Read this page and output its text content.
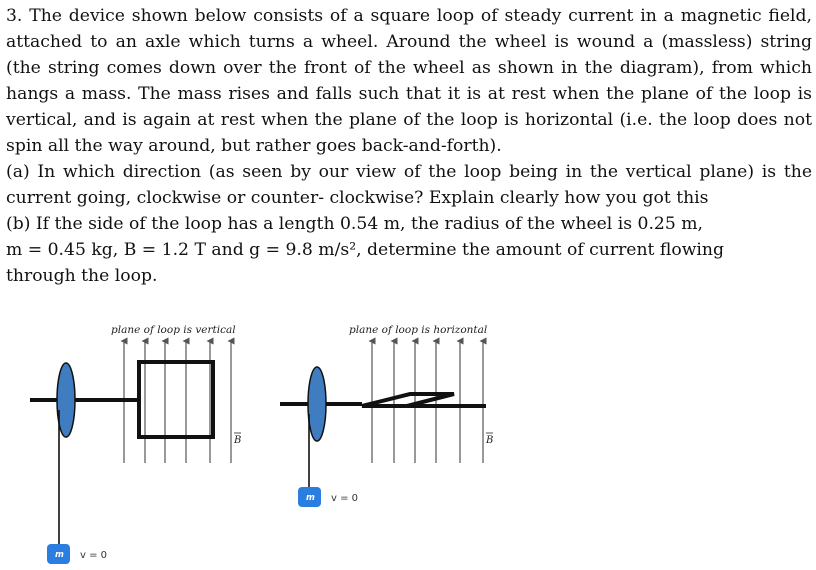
3. The device shown below consists of a square loop of steady current in a magnetic field, attached to an axle which turns a wheel. Around the wheel is wound a (massless) string (the string comes down over the front of the wheel as shown in the diagram), from which hangs a mass. The mass rises and falls such that it is at rest when the plane of the loop is vertical, and is again at rest when the plane of the loop is horizontal (i.e. the loop does not spin all the way around, but rather goes back-and-forth).

(a) In which direction (as seen by our view of the loop being in the vertical plane) is the current going, clockwise or counter- clockwise? Explain clearly how you got this

(b) If the side of the loop has a length 0.54 m, the radius of the wheel is 0.25 m,

m = 0.45 kg, B = 1.2 T and g = 9.8 m/s², determine the amount of current flowing

through the loop.

plane of loop is vertical
B
m v = 0
plane of loop is horizontal
B
m v = 0
